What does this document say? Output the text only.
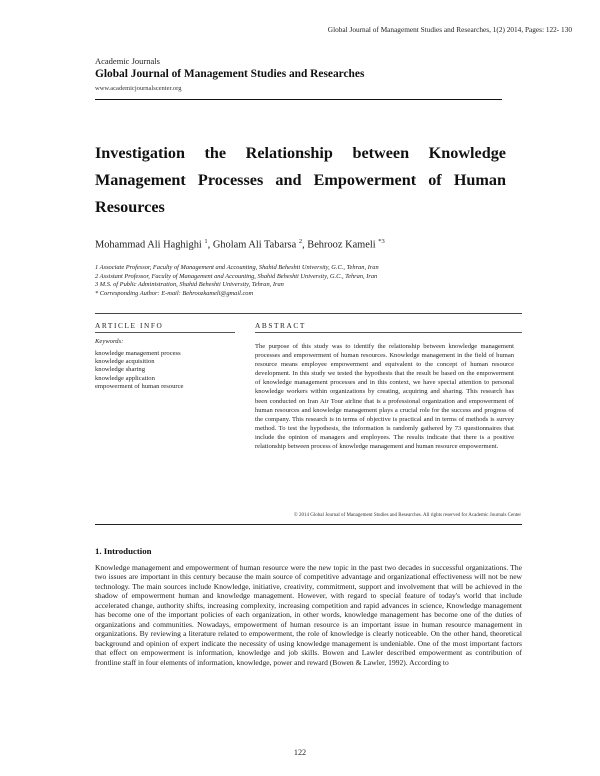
Global Journal of Management Studies and Researches, 1(2) 2014, Pages: 122- 130
Academic Journals
Global Journal of Management Studies and Researches
www.academicjournalscenter.org
Investigation the Relationship between Knowledge
Management Processes and Empowerment of Human
Resources
Mohammad Ali Haghighi $^1$, Gholam Ali Tabarsa $^2$, Behrooz Kameli $^{*3}$
1 Associate Professor, Faculty of Management and Accounting, Shahid Beheshti University, G.C., Tehran, Iran
2 Assistant Professor, Faculty of Management and Accounting, Shahid Beheshti University, G.C., Tehran, Iran
3 M.S. of Public Administration, Shahid Beheshti University, Tehran, Iran
* Corresponding Author: E-mail: Behroozkameli@gmail.com
ARTICLE INFO
Keywords:
knowledge management process
knowledge acquisition
knowledge sharing
knowledge application
empowerment of human resource
ABSTRACT
The purpose of this study was to identify the relationship between knowledge management processes and empowerment of human resources. Knowledge management in the field of human resource means employee empowerment and equivalent to the concept of human resource development. In this study we tested the hypothesis that the result be based on the empowerment of knowledge management processes and in this context, we have special attention to personal knowledge workers within organizations by creating, acquiring and sharing. This research has been conducted on Iran Air Tour airline that is a professional organization and empowerment of human resources and knowledge management plays a crucial role for the success and progress of the company. This research is in terms of objective is practical and in terms of methods is survey method. To test the hypothesis, the information is randomly gathered by 73 questionnaires that include the opinion of managers and employees. The results indicate that there is a positive relationship between process of knowledge management and human resource empowerment.
© 2014 Global Journal of Management Studies and Researches. All rights reserved for Academic Journals Center
1. Introduction
Knowledge management and empowerment of human resource were the new topic in the past two decades in successful organizations. The two issues are important in this century because the main source of competitive advantage and organizational effectiveness will not be new technology. The main sources include Knowledge, initiative, creativity, commitment, support and involvement that will be achieved in the shadow of empowerment human and knowledge management. However, with regard to special feature of today's world that include accelerated change, authority shifts, increasing complexity, increasing competition and rapid advances in science, Knowledge management has become one of the important policies of each organization, in other words, knowledge management has become one of the duties of organizations and communities. Nowadays, empowerment of human resource is an important issue in human resource management in organizations. By reviewing a literature related to empowerment, the role of knowledge is clearly noticeable. On the other hand, theoretical background and opinion of expert indicate the necessity of using knowledge management is undeniable. One of the most important factors that effect on empowerment is information, knowledge and job skills. Bowen and Lawler described empowerment as contribution of frontline staff in four elements of information, knowledge, power and reward (Bowen & Lawler, 1992). According to
122
